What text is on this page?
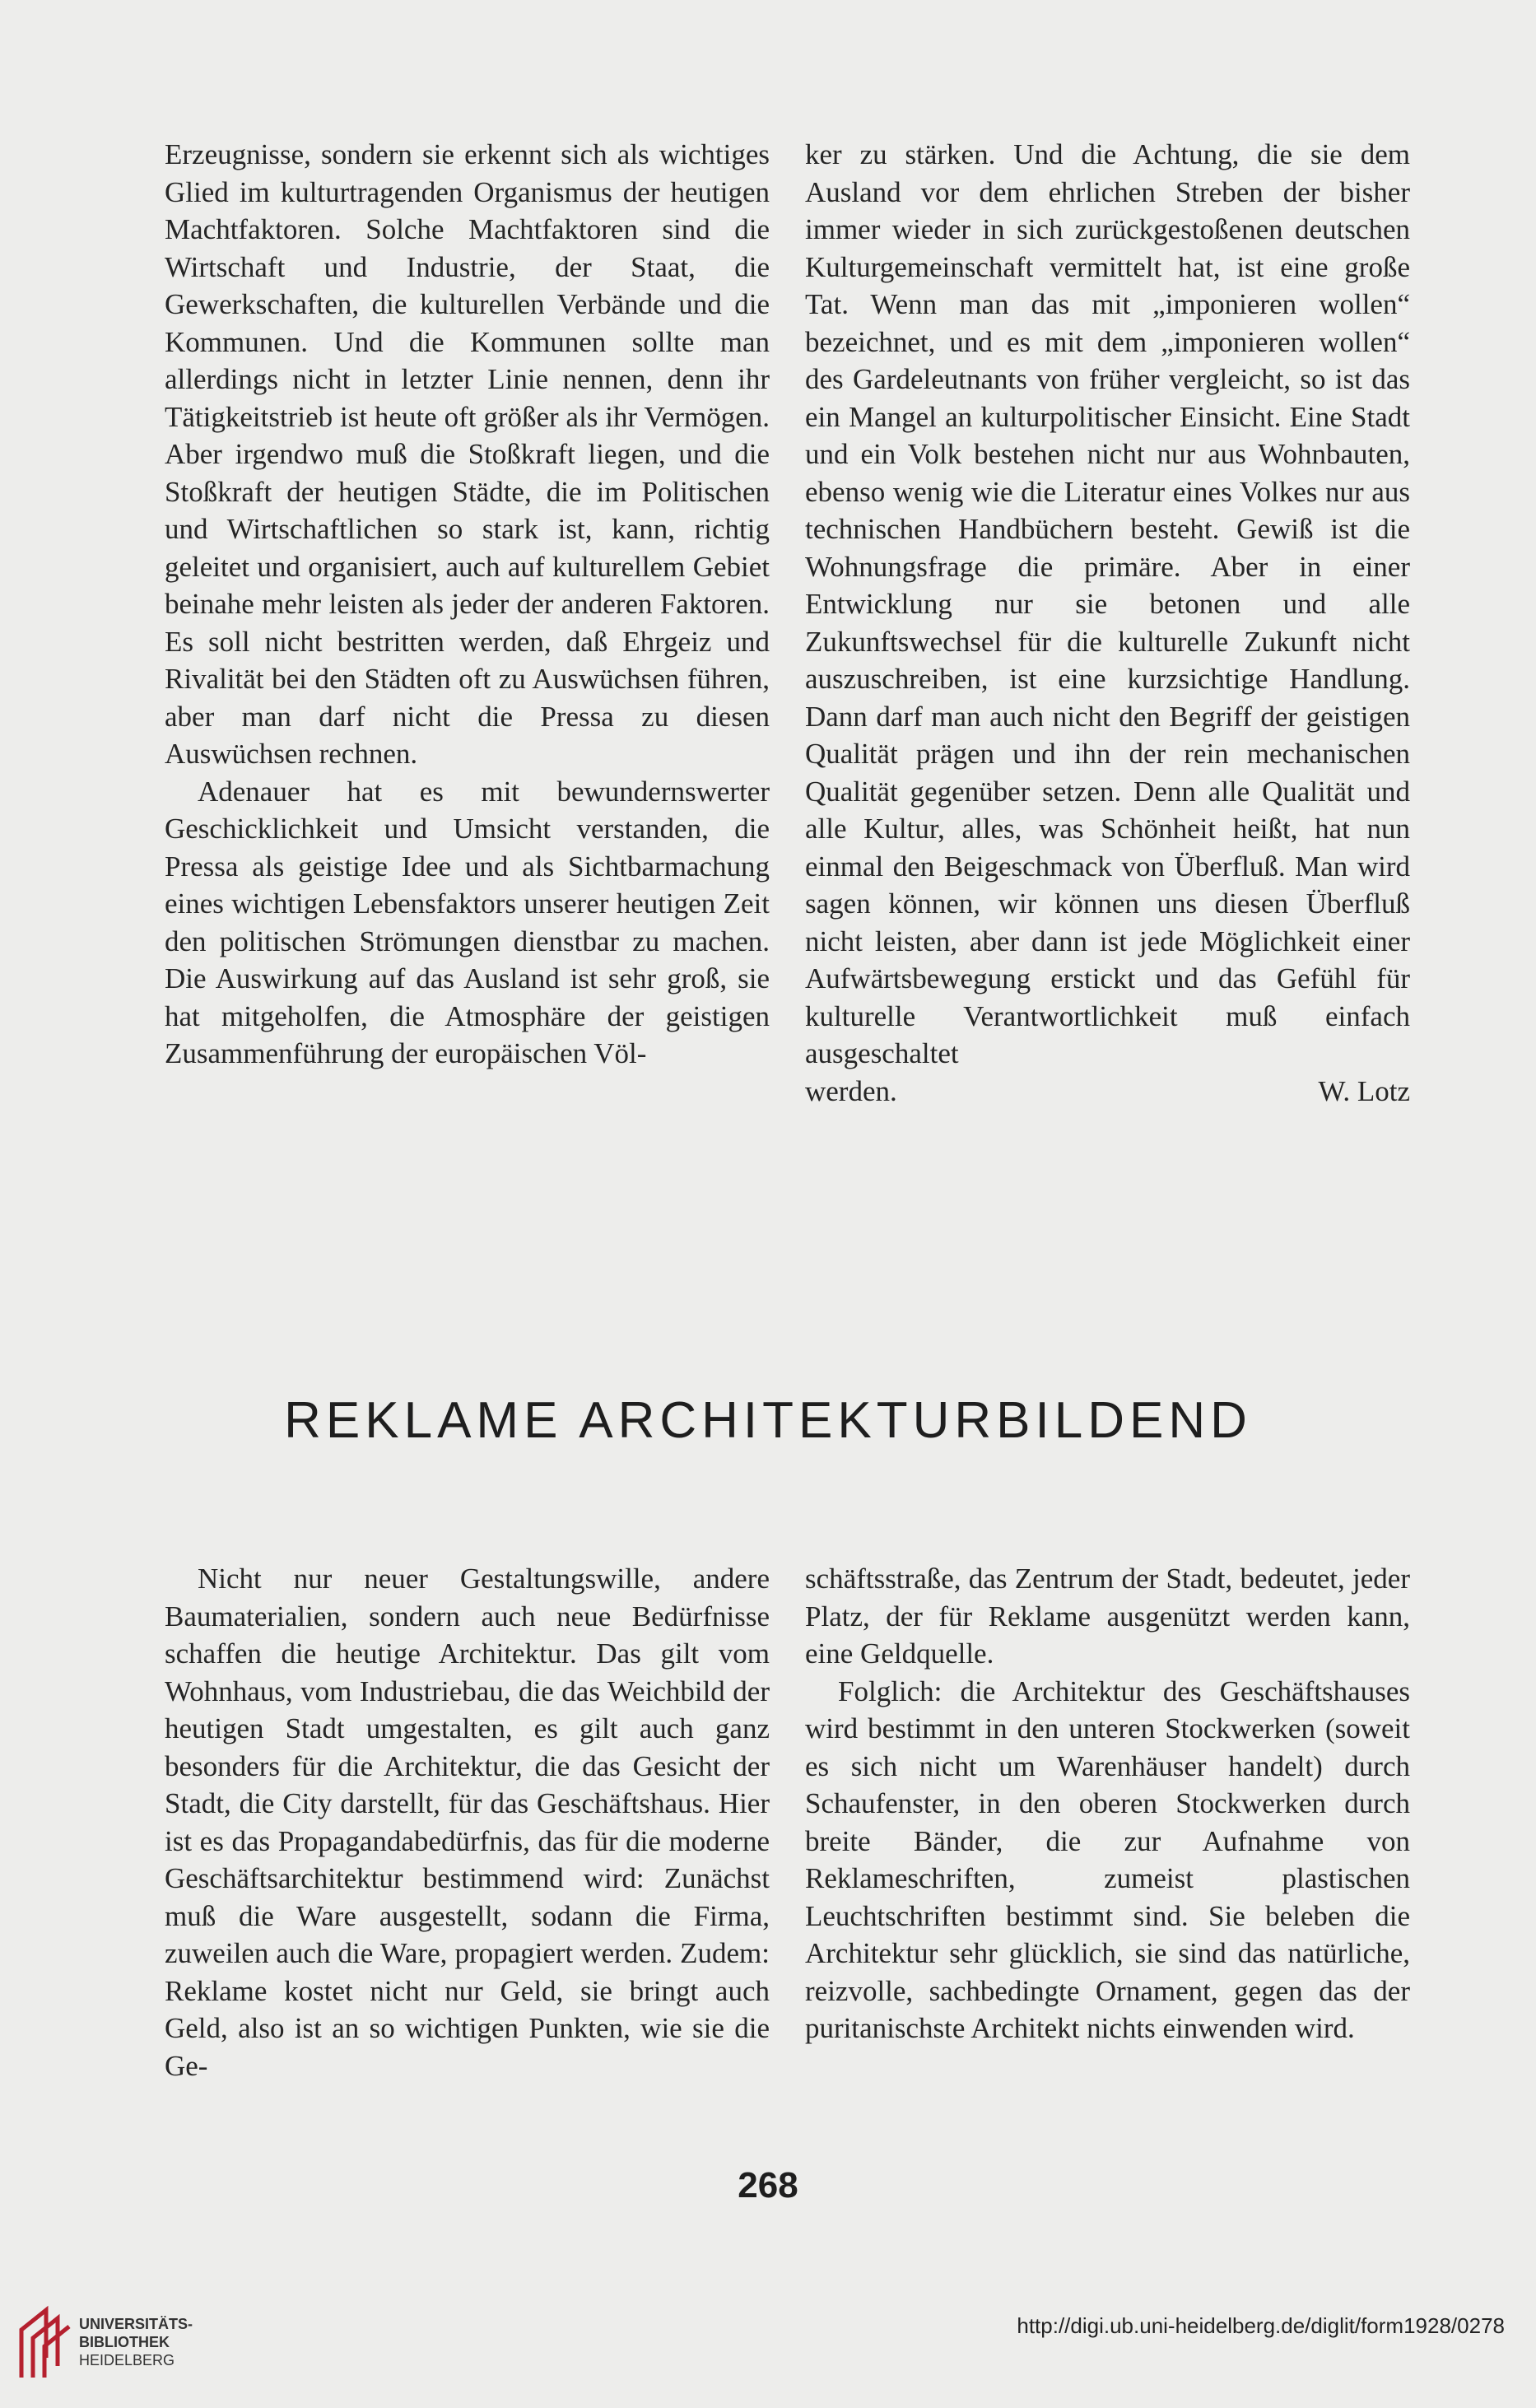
Erzeugnisse, sondern sie erkennt sich als wichtiges Glied im kulturtragenden Organismus der heutigen Machtfaktoren. Solche Machtfaktoren sind die Wirtschaft und Industrie, der Staat, die Gewerkschaften, die kulturellen Verbände und die Kommunen. Und die Kommunen sollte man allerdings nicht in letzter Linie nennen, denn ihr Tätigkeitstrieb ist heute oft größer als ihr Vermögen. Aber irgendwo muß die Stoßkraft liegen, und die Stoßkraft der heutigen Städte, die im Politischen und Wirtschaftlichen so stark ist, kann, richtig geleitet und organisiert, auch auf kulturellem Gebiet beinahe mehr leisten als jeder der anderen Faktoren. Es soll nicht bestritten werden, daß Ehrgeiz und Rivalität bei den Städten oft zu Auswüchsen führen, aber man darf nicht die Pressa zu diesen Auswüchsen rechnen.

Adenauer hat es mit bewundernswerter Geschicklichkeit und Umsicht verstanden, die Pressa als geistige Idee und als Sichtbarmachung eines wichtigen Lebensfaktors unserer heutigen Zeit den politischen Strömungen dienstbar zu machen. Die Auswirkung auf das Ausland ist sehr groß, sie hat mitgeholfen, die Atmosphäre der geistigen Zusammenführung der europäischen Völ-

ker zu stärken. Und die Achtung, die sie dem Ausland vor dem ehrlichen Streben der bisher immer wieder in sich zurückgestoßenen deutschen Kulturgemeinschaft vermittelt hat, ist eine große Tat. Wenn man das mit „imponieren wollen“ bezeichnet, und es mit dem „imponieren wollen“ des Gardeleutnants von früher vergleicht, so ist das ein Mangel an kulturpolitischer Einsicht. Eine Stadt und ein Volk bestehen nicht nur aus Wohnbauten, ebenso wenig wie die Literatur eines Volkes nur aus technischen Handbüchern besteht. Gewiß ist die Wohnungsfrage die primäre. Aber in einer Entwicklung nur sie betonen und alle Zukunftswechsel für die kulturelle Zukunft nicht auszuschreiben, ist eine kurzsichtige Handlung. Dann darf man auch nicht den Begriff der geistigen Qualität prägen und ihn der rein mechanischen Qualität gegenüber setzen. Denn alle Qualität und alle Kultur, alles, was Schönheit heißt, hat nun einmal den Beigeschmack von Überfluß. Man wird sagen können, wir können uns diesen Überfluß nicht leisten, aber dann ist jede Möglichkeit einer Aufwärtsbewegung erstickt und das Gefühl für kulturelle Verantwortlichkeit muß einfach ausgeschaltet

werden.	W. Lotz
REKLAME ARCHITEKTURBILDEND

Nicht nur neuer Gestaltungswille, andere Baumaterialien, sondern auch neue Bedürfnisse schaffen die heutige Architektur. Das gilt vom Wohnhaus, vom Industriebau, die das Weichbild der heutigen Stadt umgestalten, es gilt auch ganz besonders für die Architektur, die das Gesicht der Stadt, die City darstellt, für das Geschäftshaus. Hier ist es das Propagandabedürfnis, das für die moderne Geschäftsarchitektur bestimmend wird: Zunächst muß die Ware ausgestellt, sodann die Firma, zuweilen auch die Ware, propagiert werden. Zudem: Reklame kostet nicht nur Geld, sie bringt auch Geld, also ist an so wichtigen Punkten, wie sie die Ge-

schäftsstraße, das Zentrum der Stadt, bedeutet, jeder Platz, der für Reklame ausgenützt werden kann, eine Geldquelle.

Folglich: die Architektur des Geschäftshauses wird bestimmt in den unteren Stockwerken (soweit es sich nicht um Warenhäuser handelt) durch Schaufenster, in den oberen Stockwerken durch breite Bänder, die zur Aufnahme von Reklameschriften, zumeist plastischen Leuchtschriften bestimmt sind. Sie beleben die Architektur sehr glücklich, sie sind das natürliche, reizvolle, sachbedingte Ornament, gegen das der puritanischste Architekt nichts einwenden wird.

268
UNIVERSITÄTS-
BIBLIOTHEK
HEIDELBERG
http://digi.ub.uni-heidelberg.de/diglit/form1928/0278
